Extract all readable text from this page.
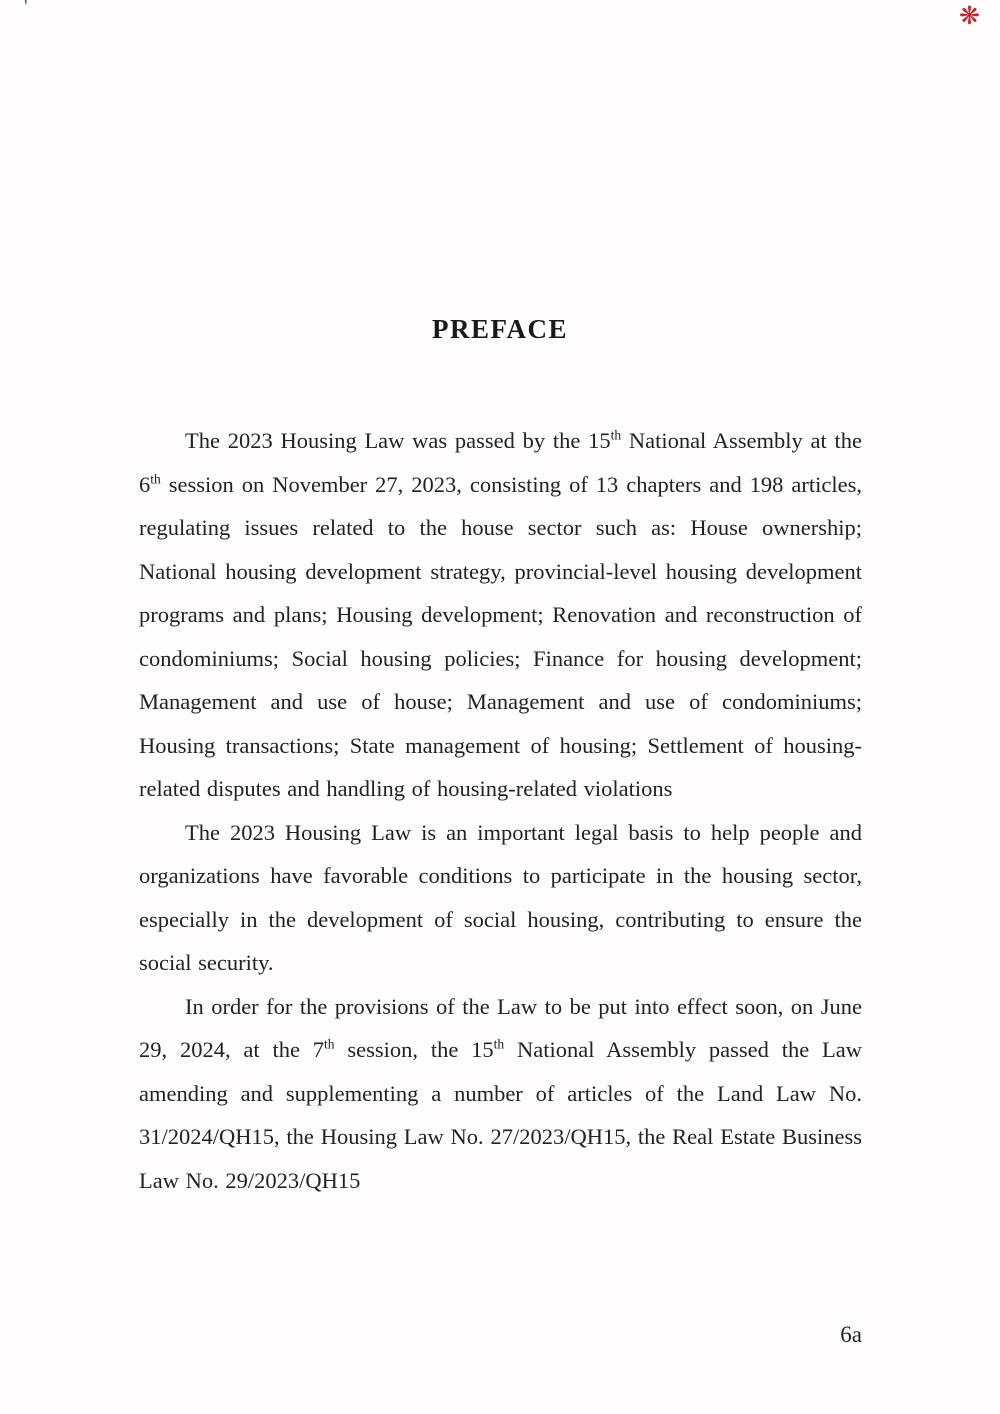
'	❋
PREFACE

The 2023 Housing Law was passed by the 15th National Assembly at the 6th session on November 27, 2023, consisting of 13 chapters and 198 articles, regulating issues related to the house sector such as: House ownership; National housing development strategy, provincial-level housing development programs and plans; Housing development; Renovation and reconstruction of condominiums; Social housing policies; Finance for housing development; Management and use of house; Management and use of condominiums; Housing transactions; State management of housing; Settlement of housing-related disputes and handling of housing-related violations

The 2023 Housing Law is an important legal basis to help people and organizations have favorable conditions to participate in the housing sector, especially in the development of social housing, contributing to ensure the social security.

In order for the provisions of the Law to be put into effect soon, on June 29, 2024, at the 7th session, the 15th National Assembly passed the Law amending and supplementing a number of articles of the Land Law No. 31/2024/QH15, the Housing Law No. 27/2023/QH15, the Real Estate Business Law No. 29/2023/QH15

6a
